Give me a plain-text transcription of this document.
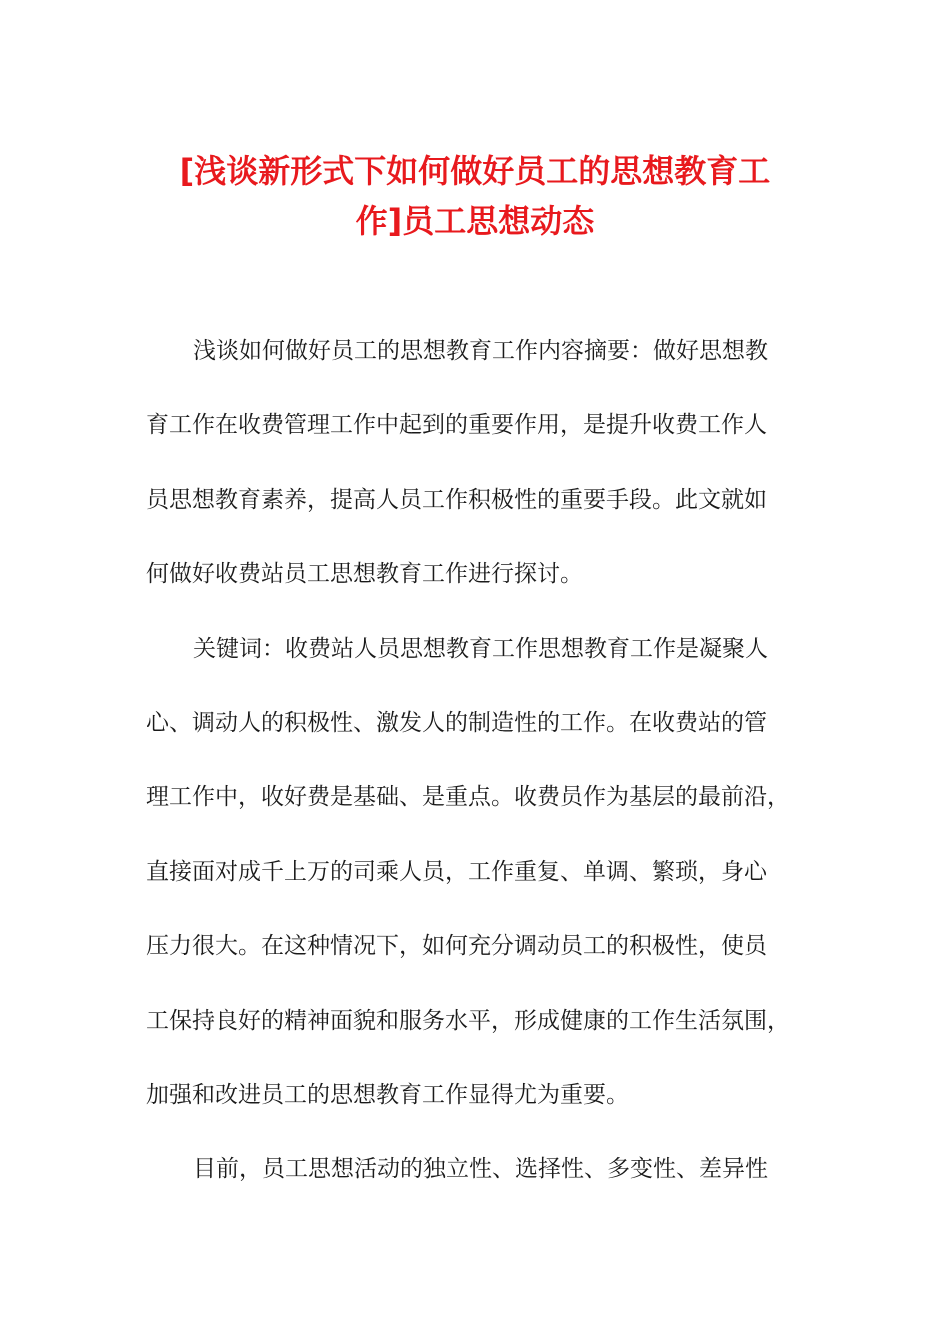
[浅谈新形式下如何做好员工的思想教育工
作]员工思想动态

浅谈如何做好员工的思想教育工作内容摘要：做好思想教
育工作在收费管理工作中起到的重要作用，是提升收费工作人
员思想教育素养，提高人员工作积极性的重要手段。此文就如
何做好收费站员工思想教育工作进行探讨。

关键词：收费站人员思想教育工作思想教育工作是凝聚人
心、调动人的积极性、激发人的制造性的工作。在收费站的管
理工作中，收好费是基础、是重点。收费员作为基层的最前沿，
直接面对成千上万的司乘人员，工作重复、单调、繁琐，身心
压力很大。在这种情况下，如何充分调动员工的积极性，使员
工保持良好的精神面貌和服务水平，形成健康的工作生活氛围，
加强和改进员工的思想教育工作显得尤为重要。

目前，员工思想活动的独立性、选择性、多变性、差异性
